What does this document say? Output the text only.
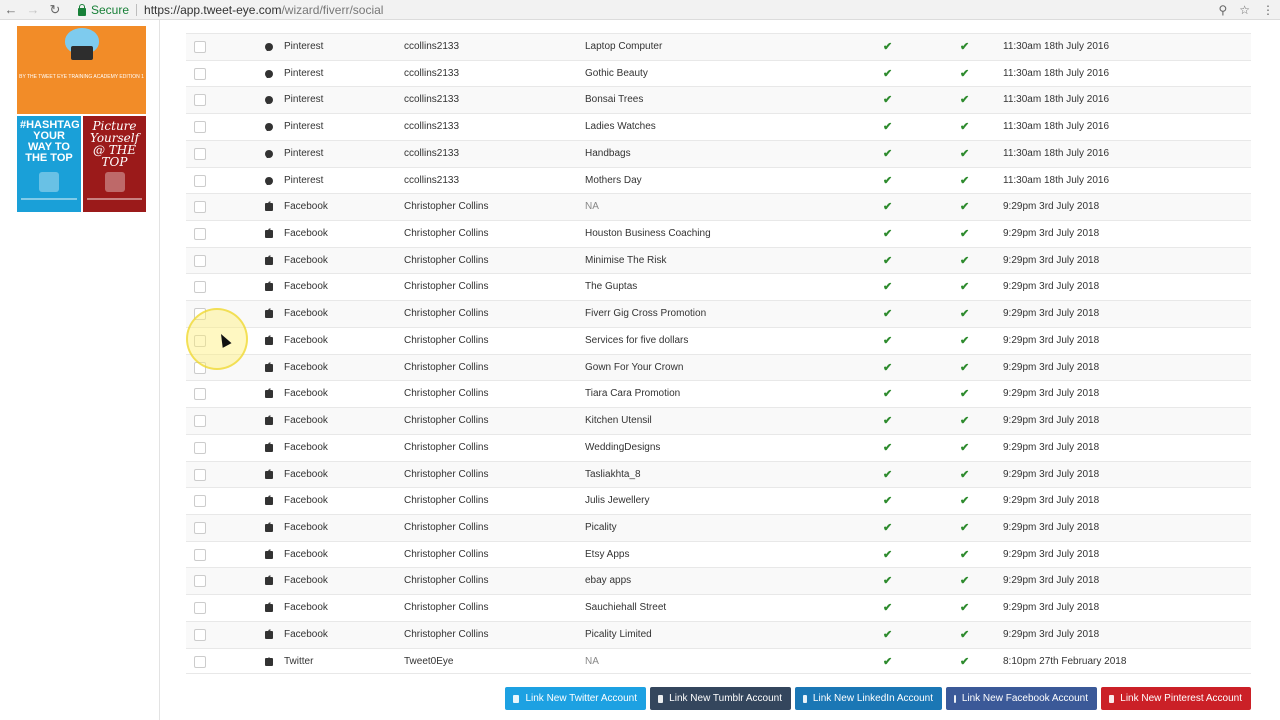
← → ↻	Secure https://app.tweet-eye.com/wizard/fiverr/social	⚲ ☆ ⋮
BY THE TWEET EYE TRAINING ACADEMY EDITION 1
#HASHTAG YOUR WAY TO THE TOP
Picture Yourself @ THE TOP
p Pinterest	ccollins2133	Laptop Computer	✔	✔	11:30am 18th July 2016
p Pinterest	ccollins2133	Gothic Beauty	✔	✔	11:30am 18th July 2016
p Pinterest	ccollins2133	Bonsai Trees	✔	✔	11:30am 18th July 2016
p Pinterest	ccollins2133	Ladies Watches	✔	✔	11:30am 18th July 2016
p Pinterest	ccollins2133	Handbags	✔	✔	11:30am 18th July 2016
p Pinterest	ccollins2133	Mothers Day	✔	✔	11:30am 18th July 2016
f Facebook	Christopher Collins	NA	✔	✔	9:29pm 3rd July 2018
f Facebook	Christopher Collins	Houston Business Coaching	✔	✔	9:29pm 3rd July 2018
f Facebook	Christopher Collins	Minimise The Risk	✔	✔	9:29pm 3rd July 2018
f Facebook	Christopher Collins	The Guptas	✔	✔	9:29pm 3rd July 2018
f Facebook	Christopher Collins	Fiverr Gig Cross Promotion	✔	✔	9:29pm 3rd July 2018
f Facebook	Christopher Collins	Services for five dollars	✔	✔	9:29pm 3rd July 2018
f Facebook	Christopher Collins	Gown For Your Crown	✔	✔	9:29pm 3rd July 2018
f Facebook	Christopher Collins	Tiara Cara Promotion	✔	✔	9:29pm 3rd July 2018
f Facebook	Christopher Collins	Kitchen Utensil	✔	✔	9:29pm 3rd July 2018
f Facebook	Christopher Collins	WeddingDesigns	✔	✔	9:29pm 3rd July 2018
f Facebook	Christopher Collins	Tasliakhta_8	✔	✔	9:29pm 3rd July 2018
f Facebook	Christopher Collins	Julis Jewellery	✔	✔	9:29pm 3rd July 2018
f Facebook	Christopher Collins	Picality	✔	✔	9:29pm 3rd July 2018
f Facebook	Christopher Collins	Etsy Apps	✔	✔	9:29pm 3rd July 2018
f Facebook	Christopher Collins	ebay apps	✔	✔	9:29pm 3rd July 2018
f Facebook	Christopher Collins	Sauchiehall Street	✔	✔	9:29pm 3rd July 2018
f Facebook	Christopher Collins	Picality Limited	✔	✔	9:29pm 3rd July 2018
t Twitter	Tweet0Eye	NA	✔	✔	8:10pm 27th February 2018
Link New Twitter Account	Link New Tumblr Account	Link New LinkedIn Account	Link New Facebook Account	Link New Pinterest Account
